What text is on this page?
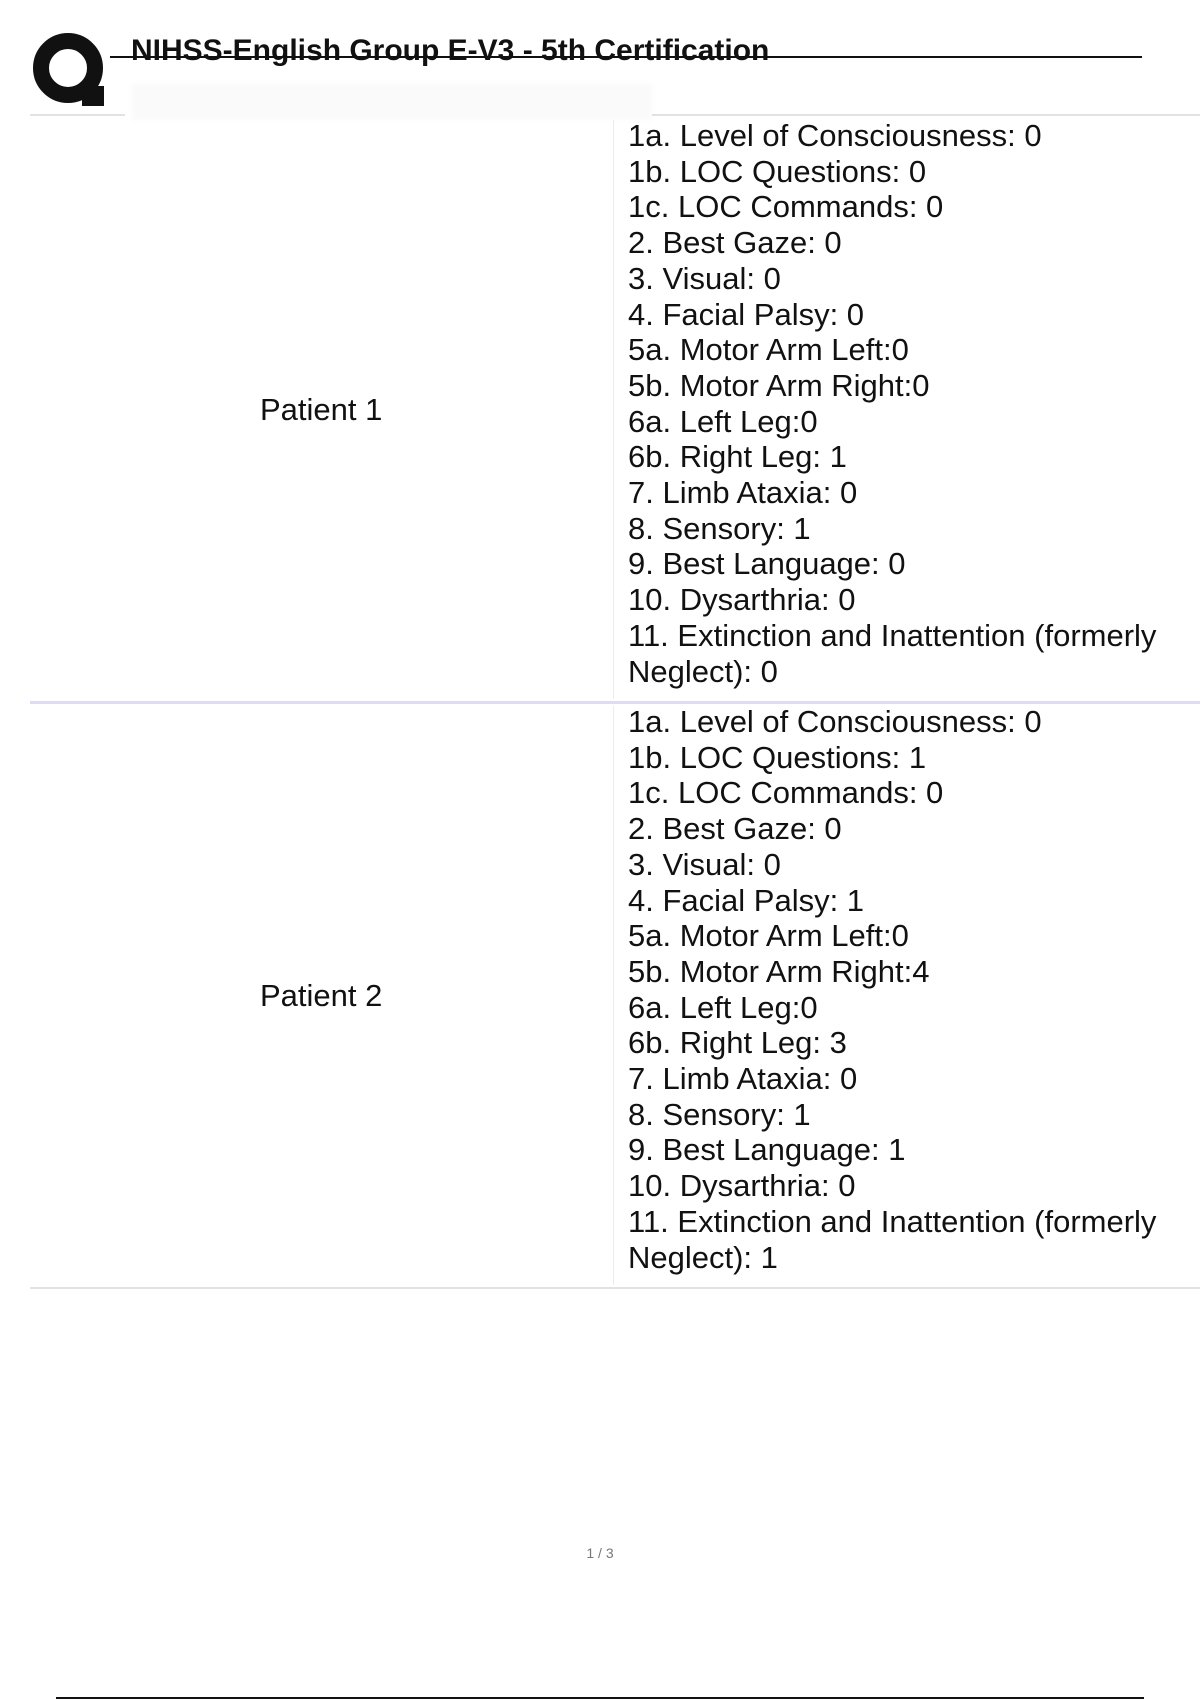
NIHSS-English Group E-V3 - 5th Certification
Patient 1
1a. Level of Consciousness: 0
1b. LOC Questions: 0
1c. LOC Commands: 0
2. Best Gaze: 0
3. Visual: 0
4. Facial Palsy: 0
5a. Motor Arm Left:0
5b. Motor Arm Right:0
6a. Left Leg:0
6b. Right Leg: 1
7. Limb Ataxia: 0
8. Sensory: 1
9. Best Language: 0
10. Dysarthria: 0
11. Extinction and Inattention (formerly
Neglect): 0
Patient 2
1a. Level of Consciousness: 0
1b. LOC Questions: 1
1c. LOC Commands: 0
2. Best Gaze: 0
3. Visual: 0
4. Facial Palsy: 1
5a. Motor Arm Left:0
5b. Motor Arm Right:4
6a. Left Leg:0
6b. Right Leg: 3
7. Limb Ataxia: 0
8. Sensory: 1
9. Best Language: 1
10. Dysarthria: 0
11. Extinction and Inattention (formerly
Neglect): 1
1 / 3
